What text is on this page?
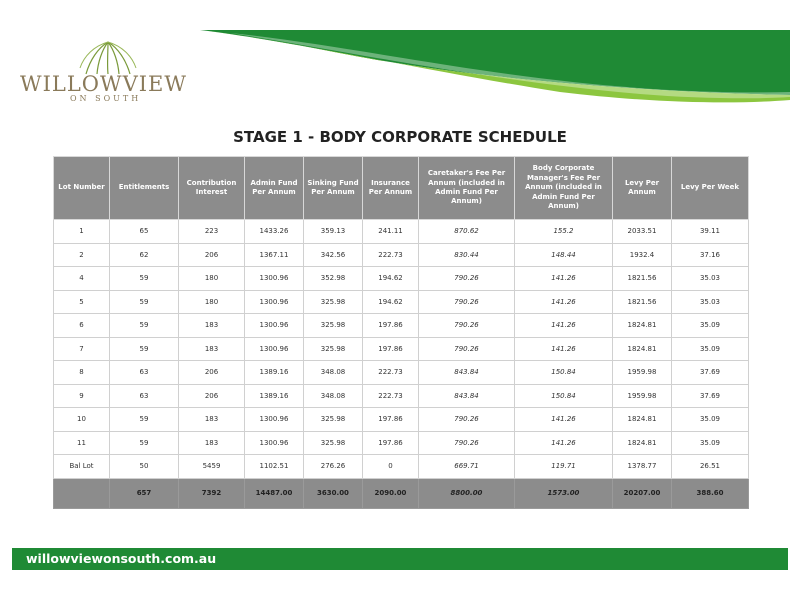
WILLOWVIEW
ON SOUTH
STAGE 1 - BODY CORPORATE SCHEDULE
Lot Number	Entitlements	Contribution Interest	Admin Fund Per Annum	Sinking Fund Per Annum	Insurance Per Annum	Caretaker's Fee Per Annum (included in Admin Fund Per Annum)	Body Corporate Manager's Fee Per Annum (included in Admin Fund Per Annum)	Levy Per Annum	Levy Per Week
1	65	223	1433.26	359.13	241.11	870.62	155.2	2033.51	39.11
2	62	206	1367.11	342.56	222.73	830.44	148.44	1932.4	37.16
4	59	180	1300.96	352.98	194.62	790.26	141.26	1821.56	35.03
5	59	180	1300.96	325.98	194.62	790.26	141.26	1821.56	35.03
6	59	183	1300.96	325.98	197.86	790.26	141.26	1824.81	35.09
7	59	183	1300.96	325.98	197.86	790.26	141.26	1824.81	35.09
8	63	206	1389.16	348.08	222.73	843.84	150.84	1959.98	37.69
9	63	206	1389.16	348.08	222.73	843.84	150.84	1959.98	37.69
10	59	183	1300.96	325.98	197.86	790.26	141.26	1824.81	35.09
11	59	183	1300.96	325.98	197.86	790.26	141.26	1824.81	35.09
Bal Lot	50	5459	1102.51	276.26	0	669.71	119.71	1378.77	26.51
	657	7392	14487.00	3630.00	2090.00	8800.00	1573.00	20207.00	388.60
willowviewonsouth.com.au
